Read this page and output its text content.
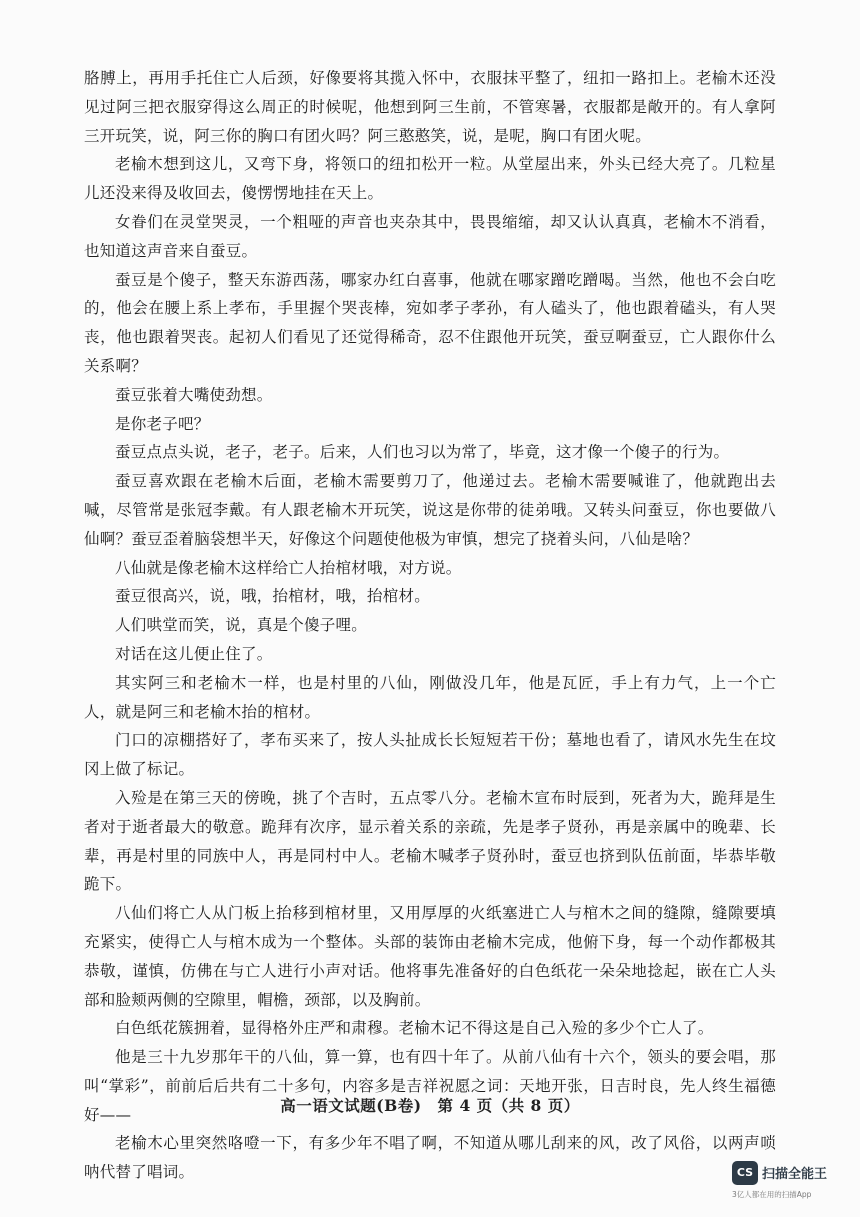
胳膊上，再用手托住亡人后颈，好像要将其揽入怀中，衣服抹平整了，纽扣一路扣上。老榆木还没见过阿三把衣服穿得这么周正的时候呢，他想到阿三生前，不管寒暑，衣服都是敞开的。有人拿阿三开玩笑，说，阿三你的胸口有团火吗？阿三憨憨笑，说，是呢，胸口有团火呢。

老榆木想到这儿，又弯下身，将领口的纽扣松开一粒。从堂屋出来，外头已经大亮了。几粒星儿还没来得及收回去，傻愣愣地挂在天上。

女眷们在灵堂哭灵，一个粗哑的声音也夹杂其中，畏畏缩缩，却又认认真真，老榆木不消看，也知道这声音来自蚕豆。

蚕豆是个傻子，整天东游西荡，哪家办红白喜事，他就在哪家蹭吃蹭喝。当然，他也不会白吃的，他会在腰上系上孝布，手里握个哭丧棒，宛如孝子孝孙，有人磕头了，他也跟着磕头，有人哭丧，他也跟着哭丧。起初人们看见了还觉得稀奇，忍不住跟他开玩笑，蚕豆啊蚕豆，亡人跟你什么关系啊？

蚕豆张着大嘴使劲想。

是你老子吧？

蚕豆点点头说，老子，老子。后来，人们也习以为常了，毕竟，这才像一个傻子的行为。

蚕豆喜欢跟在老榆木后面，老榆木需要剪刀了，他递过去。老榆木需要喊谁了，他就跑出去喊，尽管常是张冠李戴。有人跟老榆木开玩笑，说这是你带的徒弟哦。又转头问蚕豆，你也要做八仙啊？蚕豆歪着脑袋想半天，好像这个问题使他极为审慎，想完了挠着头问，八仙是啥？

八仙就是像老榆木这样给亡人抬棺材哦，对方说。

蚕豆很高兴，说，哦，抬棺材，哦，抬棺材。

人们哄堂而笑，说，真是个傻子哩。

对话在这儿便止住了。

其实阿三和老榆木一样，也是村里的八仙，刚做没几年，他是瓦匠，手上有力气，上一个亡人，就是阿三和老榆木抬的棺材。

门口的凉棚搭好了，孝布买来了，按人头扯成长长短短若干份；墓地也看了，请风水先生在坟冈上做了标记。

入殓是在第三天的傍晚，挑了个吉时，五点零八分。老榆木宣布时辰到，死者为大，跪拜是生者对于逝者最大的敬意。跪拜有次序，显示着关系的亲疏，先是孝子贤孙，再是亲属中的晚辈、长辈，再是村里的同族中人，再是同村中人。老榆木喊孝子贤孙时，蚕豆也挤到队伍前面，毕恭毕敬跪下。

八仙们将亡人从门板上抬移到棺材里，又用厚厚的火纸塞进亡人与棺木之间的缝隙，缝隙要填充紧实，使得亡人与棺木成为一个整体。头部的装饰由老榆木完成，他俯下身，每一个动作都极其恭敬，谨慎，仿佛在与亡人进行小声对话。他将事先准备好的白色纸花一朵朵地捻起，嵌在亡人头部和脸颊两侧的空隙里，帽檐，颈部，以及胸前。

白色纸花簇拥着，显得格外庄严和肃穆。老榆木记不得这是自己入殓的多少个亡人了。

他是三十九岁那年干的八仙，算一算，也有四十年了。从前八仙有十六个，领头的要会唱，那叫“掌彩”，前前后后共有二十多句，内容多是吉祥祝愿之词：天地开张，日吉时良，先人终生福德好——

老榆木心里突然咯噔一下，有多少年不唱了啊，不知道从哪儿刮来的风，改了风俗，以两声唢呐代替了唱词。

高一语文试题(B卷)　第 4 页（共 8 页）
CS 扫描全能王
3亿人都在用的扫描App
